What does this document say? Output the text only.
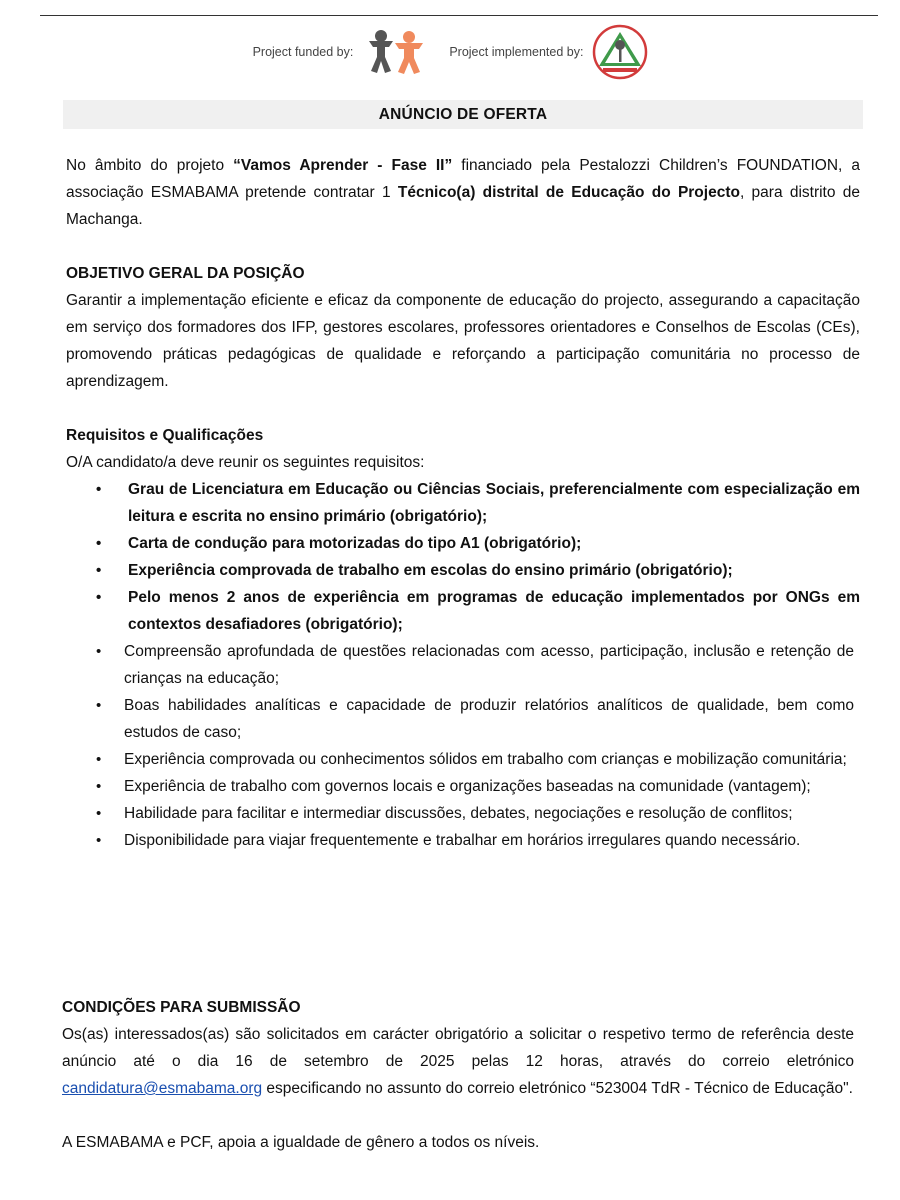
Project funded by:	Project implemented by:
ANÚNCIO DE OFERTA

No âmbito do projeto “Vamos Aprender - Fase II” financiado pela Pestalozzi Children’s FOUNDATION, a associação ESMABAMA pretende contratar 1 Técnico(a) distrital de Educação do Projecto, para distrito de Machanga.

OBJETIVO GERAL DA POSIÇÃO

Garantir a implementação eficiente e eficaz da componente de educação do projecto, assegurando a capacitação em serviço dos formadores dos IFP, gestores escolares, professores orientadores e Conselhos de Escolas (CEs), promovendo práticas pedagógicas de qualidade e reforçando a participação comunitária no processo de aprendizagem.

Requisitos e Qualificações

O/A candidato/a deve reunir os seguintes requisitos:

• Grau de Licenciatura em Educação ou Ciências Sociais, preferencialmente com especialização em leitura e escrita no ensino primário (obrigatório);
• Carta de condução para motorizadas do tipo A1 (obrigatório);
• Experiência comprovada de trabalho em escolas do ensino primário (obrigatório);
• Pelo menos 2 anos de experiência em programas de educação implementados por ONGs em contextos desafiadores (obrigatório);
• Compreensão aprofundada de questões relacionadas com acesso, participação, inclusão e retenção de crianças na educação;
• Boas habilidades analíticas e capacidade de produzir relatórios analíticos de qualidade, bem como estudos de caso;
• Experiência comprovada ou conhecimentos sólidos em trabalho com crianças e mobilização comunitária;
• Experiência de trabalho com governos locais e organizações baseadas na comunidade (vantagem);
• Habilidade para facilitar e intermediar discussões, debates, negociações e resolução de conflitos;
• Disponibilidade para viajar frequentemente e trabalhar em horários irregulares quando necessário.

CONDIÇÕES PARA SUBMISSÃO

Os(as) interessados(as) são solicitados em carácter obrigatório a solicitar o respetivo termo de referência deste anúncio até o dia 16 de setembro de 2025 pelas 12 horas, através do correio eletrónico candidatura@esmabama.org especificando no assunto do correio eletrónico “523004 TdR - Técnico de Educação".

A ESMABAMA e PCF, apoia a igualdade de gênero a todos os níveis.
